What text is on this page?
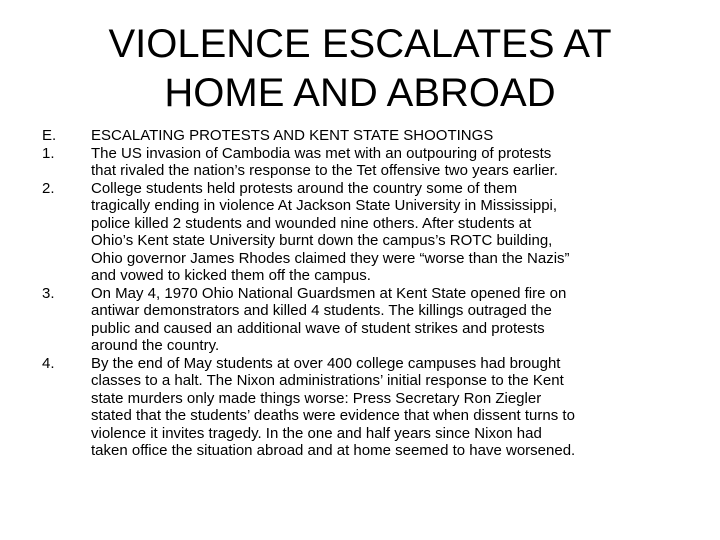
VIOLENCE ESCALATES AT
HOME AND ABROAD
E.	ESCALATING PROTESTS AND KENT STATE SHOOTINGS
1.	The US invasion of Cambodia was met with an outpouring of protests
that rivaled the nation’s response to the Tet offensive two years earlier.
2.	College students held protests around the country some of them
tragically ending in violence At Jackson State University in Mississippi,
police killed 2 students and wounded nine others. After students at
Ohio’s Kent state University burnt down the campus’s ROTC building,
Ohio governor James Rhodes claimed they were “worse than the Nazis”
and vowed to kicked them off the campus.
3.	On May 4, 1970 Ohio National Guardsmen at Kent State opened fire on
antiwar demonstrators and killed 4 students. The killings outraged the
public and caused an additional wave of student strikes and protests
around the country.
4.	By the end of May students at over 400 college campuses had brought
classes to a halt. The Nixon administrations’ initial response to the Kent
state murders only made things worse: Press Secretary Ron Ziegler
stated that the students’ deaths were evidence that when dissent turns to
violence it invites tragedy. In the one and half years since Nixon had
taken office the situation abroad and at home seemed to have worsened.
